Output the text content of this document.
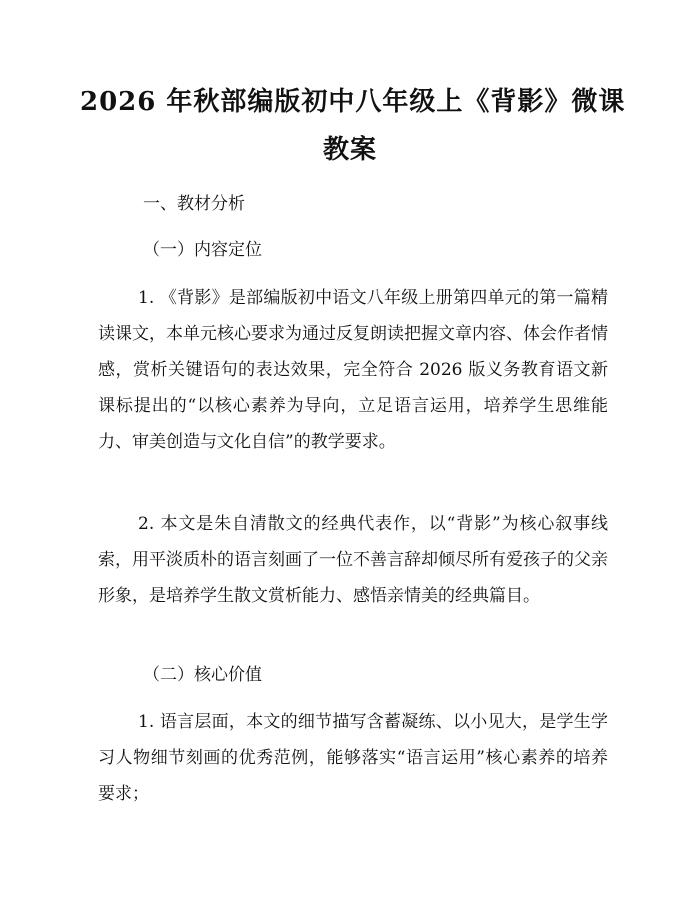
2026 年秋部编版初中八年级上《背影》微课
教案
一、教材分析
（一）内容定位

1. 《背影》是部编版初中语文八年级上册第四单元的第一篇精读课文，本单元核心要求为通过反复朗读把握文章内容、体会作者情感，赏析关键语句的表达效果，完全符合 2026 版义务教育语文新课标提出的“以核心素养为导向，立足语言运用，培养学生思维能力、审美创造与文化自信”的教学要求。

2. 本文是朱自清散文的经典代表作，以“背影”为核心叙事线索，用平淡质朴的语言刻画了一位不善言辞却倾尽所有爱孩子的父亲形象，是培养学生散文赏析能力、感悟亲情美的经典篇目。

（二）核心价值

1. 语言层面，本文的细节描写含蓄凝练、以小见大，是学生学习人物细节刻画的优秀范例，能够落实“语言运用”核心素养的培养要求；
